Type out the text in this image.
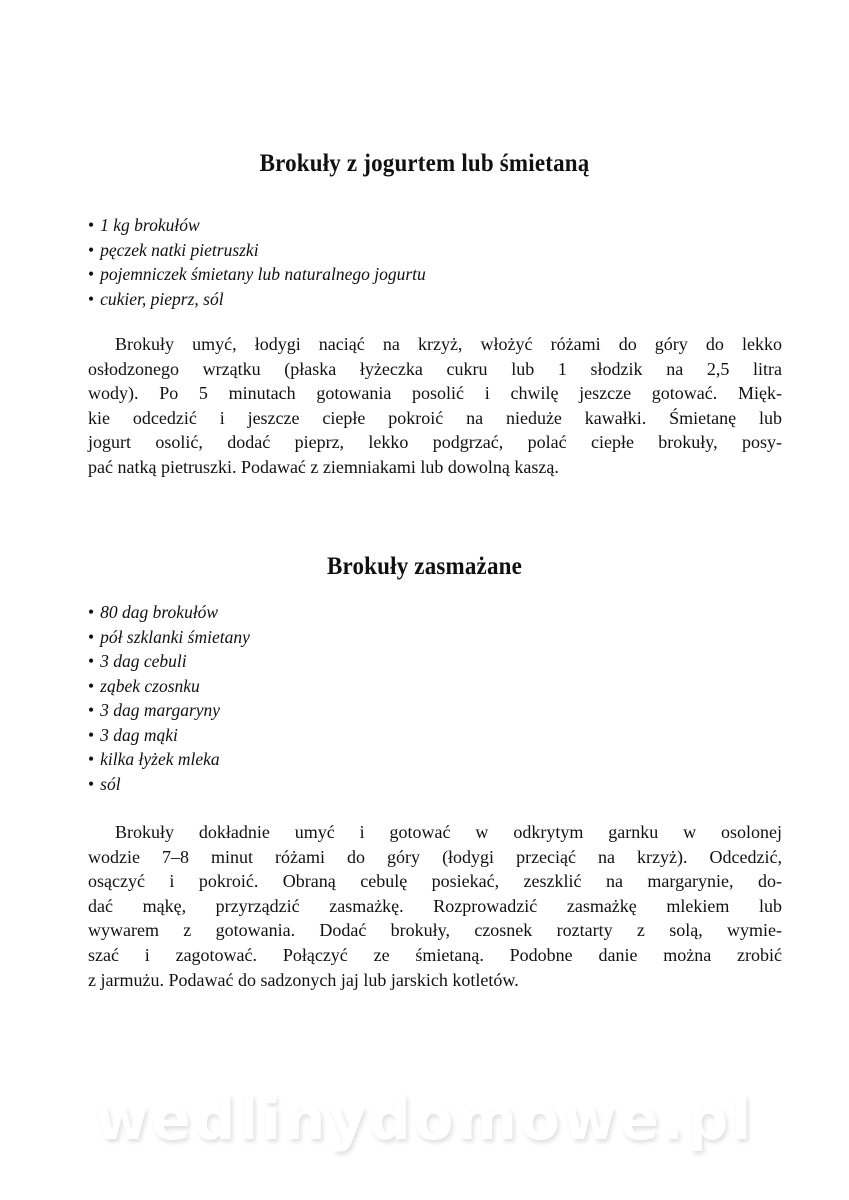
Brokuły z jogurtem lub śmietaną
• 1 kg brokułów
• pęczek natki pietruszki
• pojemniczek śmietany lub naturalnego jogurtu
• cukier, pieprz, sól
Brokuły umyć, łodygi naciąć na krzyż, włożyć różami do góry do lekko
osłodzonego wrzątku (płaska łyżeczka cukru lub 1 słodzik na 2,5 litra
wody). Po 5 minutach gotowania posolić i chwilę jeszcze gotować. Mięk-
kie odcedzić i jeszcze ciepłe pokroić na nieduże kawałki. Śmietanę lub
jogurt osolić, dodać pieprz, lekko podgrzać, polać ciepłe brokuły, posy-
pać natką pietruszki. Podawać z ziemniakami lub dowolną kaszą.
Brokuły zasmażane
• 80 dag brokułów
• pół szklanki śmietany
• 3 dag cebuli
• ząbek czosnku
• 3 dag margaryny
• 3 dag mąki
• kilka łyżek mleka
• sól
Brokuły dokładnie umyć i gotować w odkrytym garnku w osolonej
wodzie 7–8 minut różami do góry (łodygi przeciąć na krzyż). Odcedzić,
osączyć i pokroić. Obraną cebulę posiekać, zeszklić na margarynie, do-
dać mąkę, przyrządzić zasmażkę. Rozprowadzić zasmażkę mlekiem lub
wywarem z gotowania. Dodać brokuły, czosnek roztarty z solą, wymie-
szać i zagotować. Połączyć ze śmietaną. Podobne danie można zrobić
z jarmużu. Podawać do sadzonych jaj lub jarskich kotletów.
wedlinydomowe.pl
